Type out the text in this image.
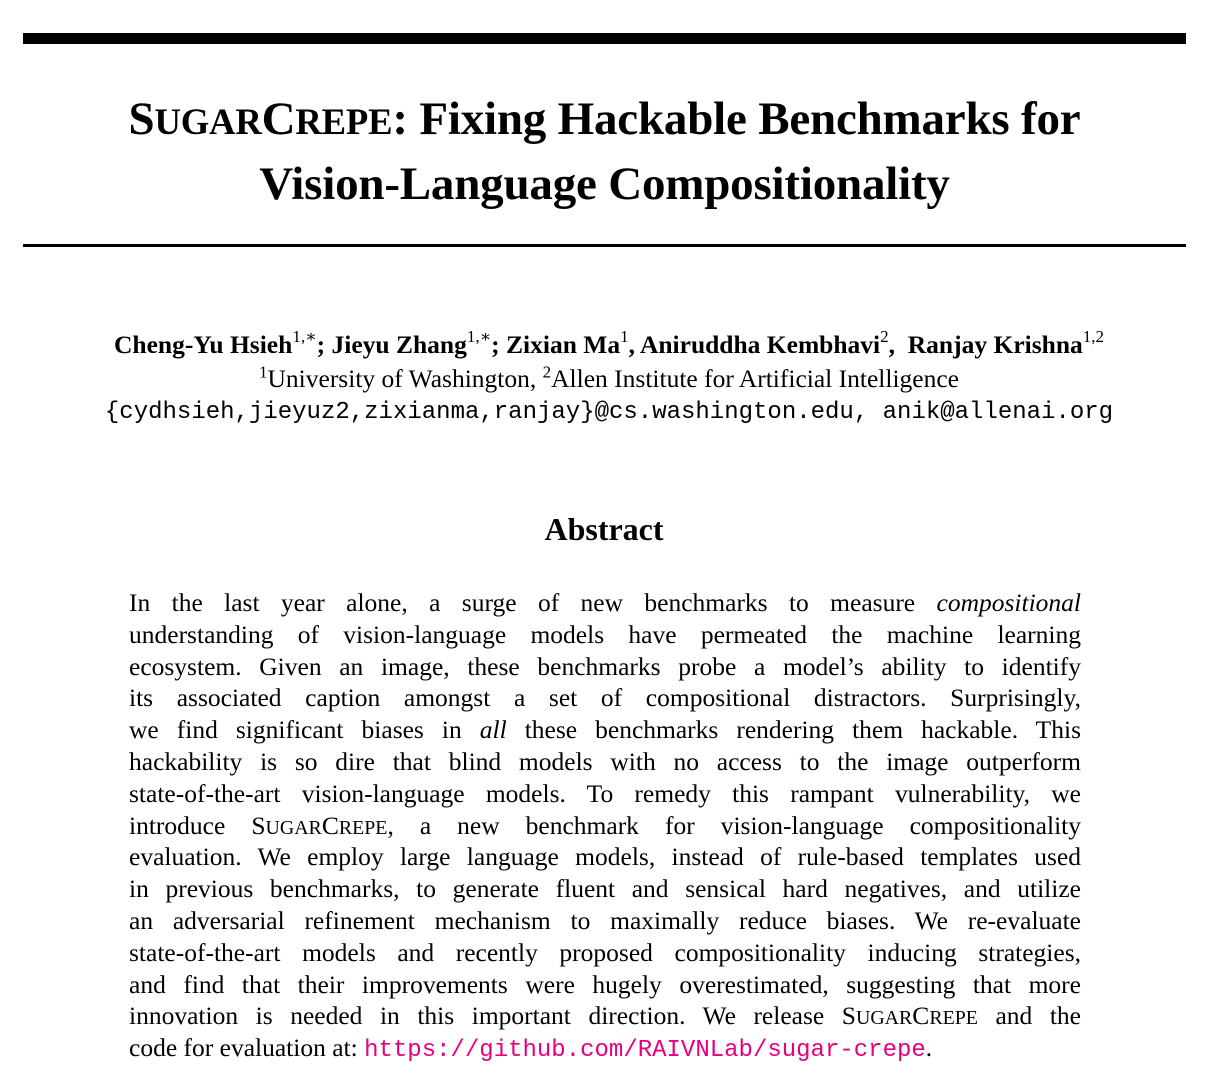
SUGARCREPE: Fixing Hackable Benchmarks for
Vision-Language Compositionality
Cheng-Yu Hsieh$^{1,∗}$; Jieyu Zhang$^{1,∗}$; Zixian Ma$^1$, Aniruddha Kembhavi$^2$, Ranjay Krishna$^{1,2}$
$^1$University of Washington, $^2$Allen Institute for Artificial Intelligence
{cydhsieh,jieyuz2,zixianma,ranjay}@cs.washington.edu, anik@allenai.org
Abstract
In the last year alone, a surge of new benchmarks to measure compositional
understanding of vision-language models have permeated the machine learning
ecosystem. Given an image, these benchmarks probe a model’s ability to identify
its associated caption amongst a set of compositional distractors. Surprisingly,
we find significant biases in all these benchmarks rendering them hackable. This
hackability is so dire that blind models with no access to the image outperform
state-of-the-art vision-language models. To remedy this rampant vulnerability, we
introduce SUGARCREPE, a new benchmark for vision-language compositionality
evaluation. We employ large language models, instead of rule-based templates used
in previous benchmarks, to generate fluent and sensical hard negatives, and utilize
an adversarial refinement mechanism to maximally reduce biases. We re-evaluate
state-of-the-art models and recently proposed compositionality inducing strategies,
and find that their improvements were hugely overestimated, suggesting that more
innovation is needed in this important direction. We release SUGARCREPE and the
code for evaluation at: https://github.com/RAIVNLab/sugar-crepe.
